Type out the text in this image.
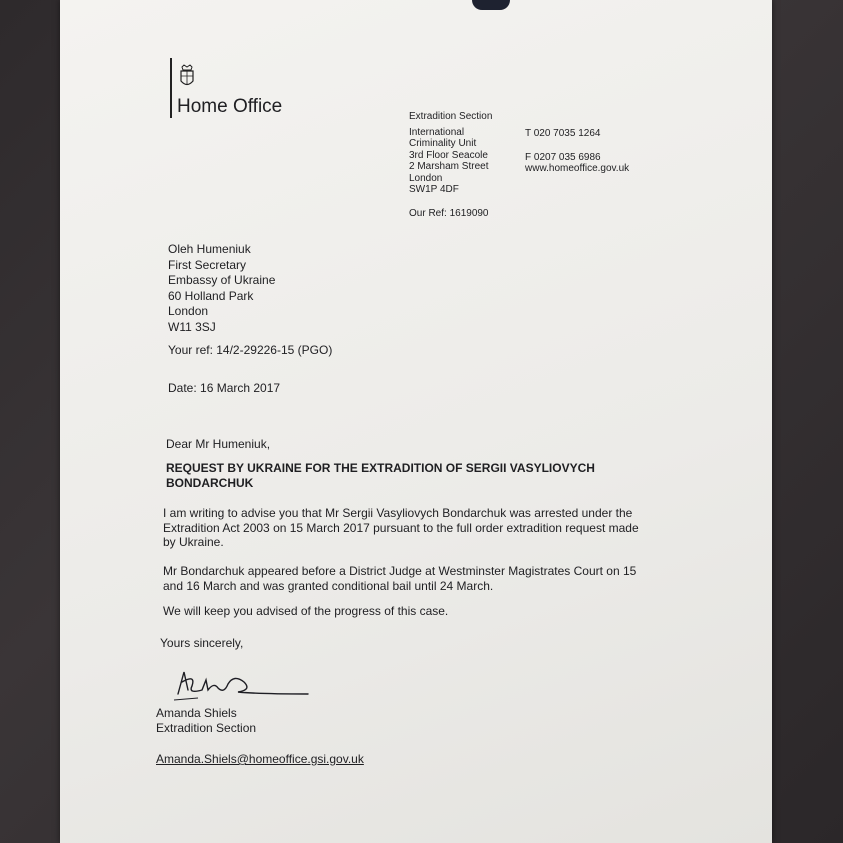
Home Office	Extradition Section
International
Criminality Unit
3rd Floor Seacole
2 Marsham Street
London
SW1P 4DF
T 020 7035 1264
F 0207 035 6986
www.homeoffice.gov.uk
Our Ref: 1619090
Oleh Humeniuk
First Secretary
Embassy of Ukraine
60 Holland Park
London
W11 3SJ
Your ref: 14/2-29226-15 (PGO)
Date: 16 March 2017
Dear Mr Humeniuk,
REQUEST BY UKRAINE FOR THE EXTRADITION OF SERGII VASYLIOVYCH BONDARCHUK
I am writing to advise you that Mr Sergii Vasyliovych Bondarchuk was arrested under the Extradition Act 2003 on 15 March 2017 pursuant to the full order extradition request made by Ukraine.
Mr Bondarchuk appeared before a District Judge at Westminster Magistrates Court on 15 and 16 March and was granted conditional bail until 24 March.
We will keep you advised of the progress of this case.
Yours sincerely,
Amanda Shiels
Extradition Section
Amanda.Shiels@homeoffice.gsi.gov.uk
